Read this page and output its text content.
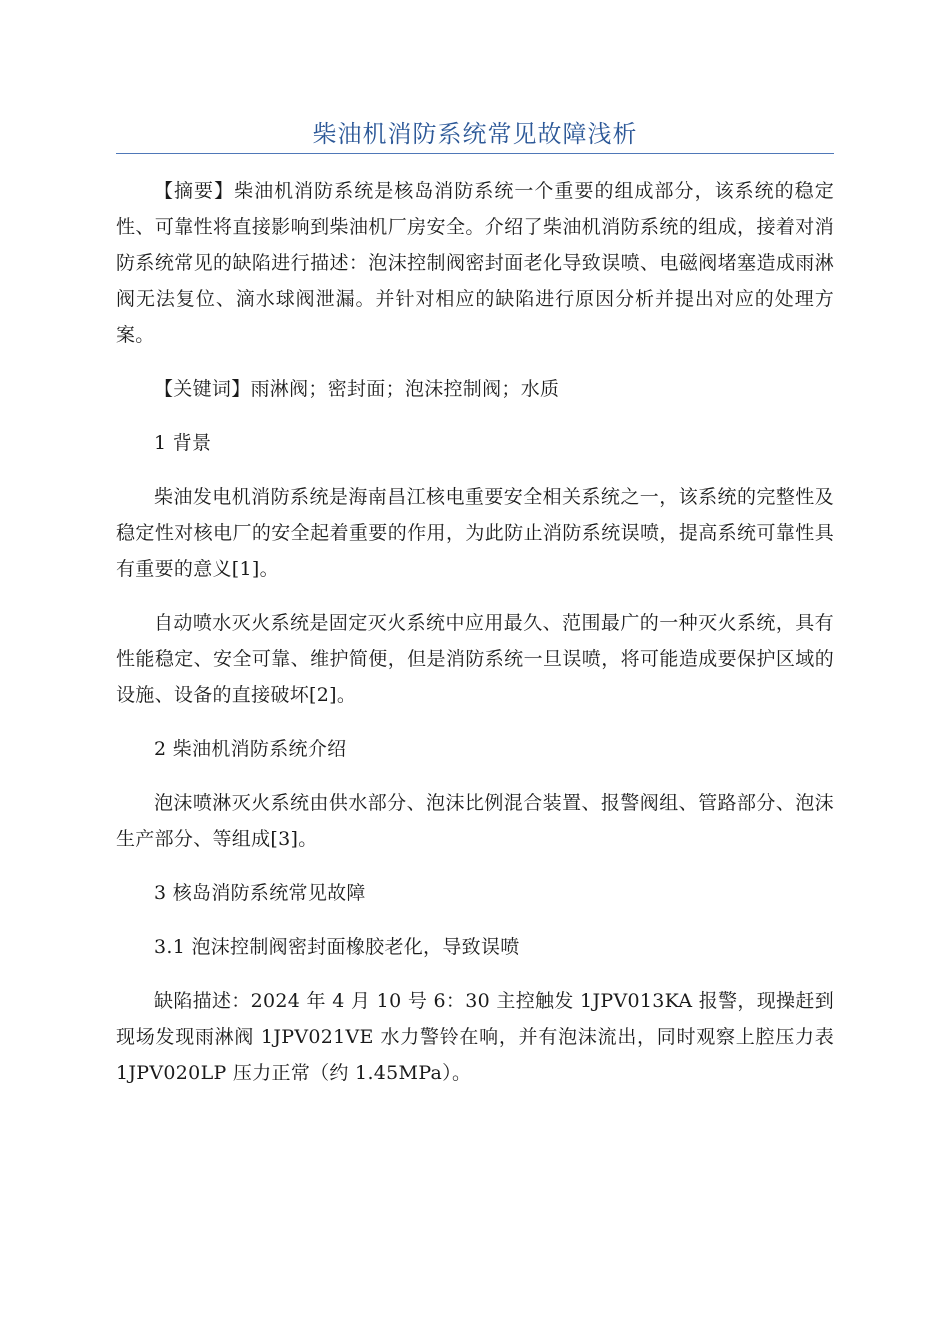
柴油机消防系统常见故障浅析

【摘要】柴油机消防系统是核岛消防系统一个重要的组成部分，该系统的稳定性、可靠性将直接影响到柴油机厂房安全。介绍了柴油机消防系统的组成，接着对消防系统常见的缺陷进行描述：泡沫控制阀密封面老化导致误喷、电磁阀堵塞造成雨淋阀无法复位、滴水球阀泄漏。并针对相应的缺陷进行原因分析并提出对应的处理方案。

【关键词】雨淋阀；密封面；泡沫控制阀；水质

1 背景

柴油发电机消防系统是海南昌江核电重要安全相关系统之一，该系统的完整性及稳定性对核电厂的安全起着重要的作用，为此防止消防系统误喷，提高系统可靠性具有重要的意义[1]。

自动喷水灭火系统是固定灭火系统中应用最久、范围最广的一种灭火系统，具有性能稳定、安全可靠、维护简便，但是消防系统一旦误喷，将可能造成要保护区域的设施、设备的直接破坏[2]。

2 柴油机消防系统介绍

泡沫喷淋灭火系统由供水部分、泡沫比例混合装置、报警阀组、管路部分、泡沫生产部分、等组成[3]。

3 核岛消防系统常见故障

3.1 泡沫控制阀密封面橡胶老化，导致误喷

缺陷描述：2024 年 4 月 10 号 6：30 主控触发 1JPV013KA 报警，现操赶到现场发现雨淋阀 1JPV021VE 水力警铃在响，并有泡沫流出，同时观察上腔压力表 1JPV020LP 压力正常（约 1.45MPa）。
